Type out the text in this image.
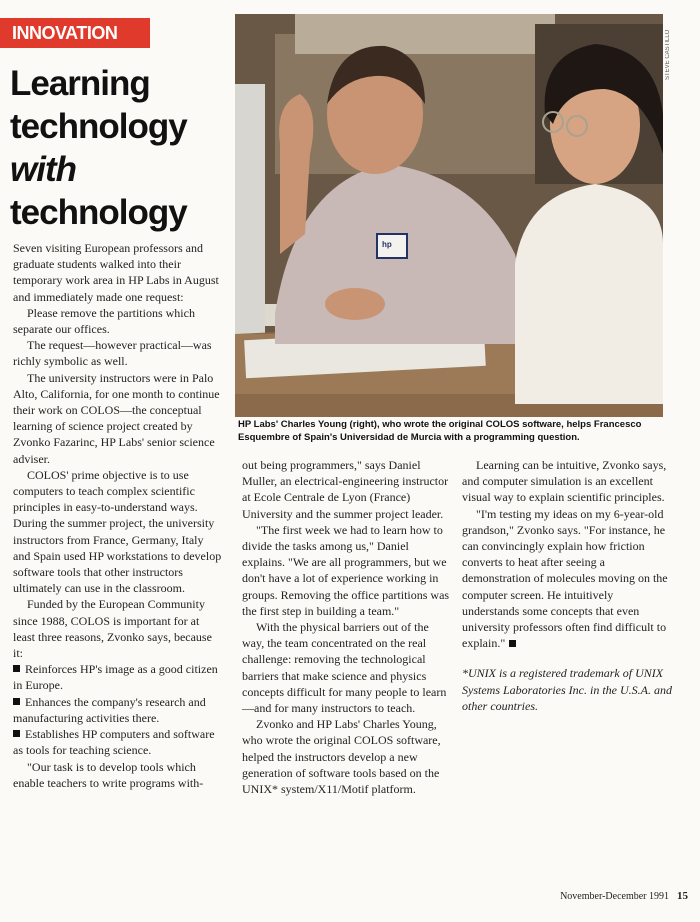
INNOVATION
Learning
technology
with
technology

Seven visiting European professors and graduate students walked into their temporary work area in HP Labs in August and immediately made one request:

Please remove the partitions which separate our offices.

The request—however practical—was richly symbolic as well.

The university instructors were in Palo Alto, California, for one month to continue their work on COLOS—the conceptual learning of science project created by Zvonko Fazarinc, HP Labs' senior science adviser.

COLOS' prime objective is to use computers to teach complex scientific principles in easy-to-understand ways. During the summer project, the university instructors from France, Germany, Italy and Spain used HP workstations to develop software tools that other instructors ultimately can use in the classroom.

Funded by the European Community since 1988, COLOS is important for at least three reasons, Zvonko says, because it:

Reinforces HP's image as a good citizen in Europe.

Enhances the company's research and manufacturing activities there.

Establishes HP computers and software as tools for teaching science.

"Our task is to develop tools which enable teachers to write programs with-

hp
STEVE CASTILLO
HP Labs' Charles Young (right), who wrote the original COLOS software, helps Francesco Esquembre of Spain's Universidad de Murcia with a programming question.

out being programmers," says Daniel Muller, an electrical-engineering instructor at Ecole Centrale de Lyon (France) University and the summer project leader.

"The first week we had to learn how to divide the tasks among us," Daniel explains. "We are all programmers, but we don't have a lot of experience working in groups. Removing the office partitions was the first step in building a team."

With the physical barriers out of the way, the team concentrated on the real challenge: removing the technological barriers that make science and physics concepts difficult for many people to learn—and for many instructors to teach.

Zvonko and HP Labs' Charles Young, who wrote the original COLOS software, helped the instructors develop a new generation of software tools based on the UNIX* system/X11/Motif platform.

Learning can be intuitive, Zvonko says, and computer simulation is an excellent visual way to explain scientific principles.

"I'm testing my ideas on my 6-year-old grandson," Zvonko says. "For instance, he can convincingly explain how friction converts to heat after seeing a demonstration of molecules moving on the computer screen. He intuitively understands some concepts that even university professors often find difficult to explain."

*UNIX is a registered trademark of UNIX Systems Laboratories Inc. in the U.S.A. and other countries.

November-December 1991 15
